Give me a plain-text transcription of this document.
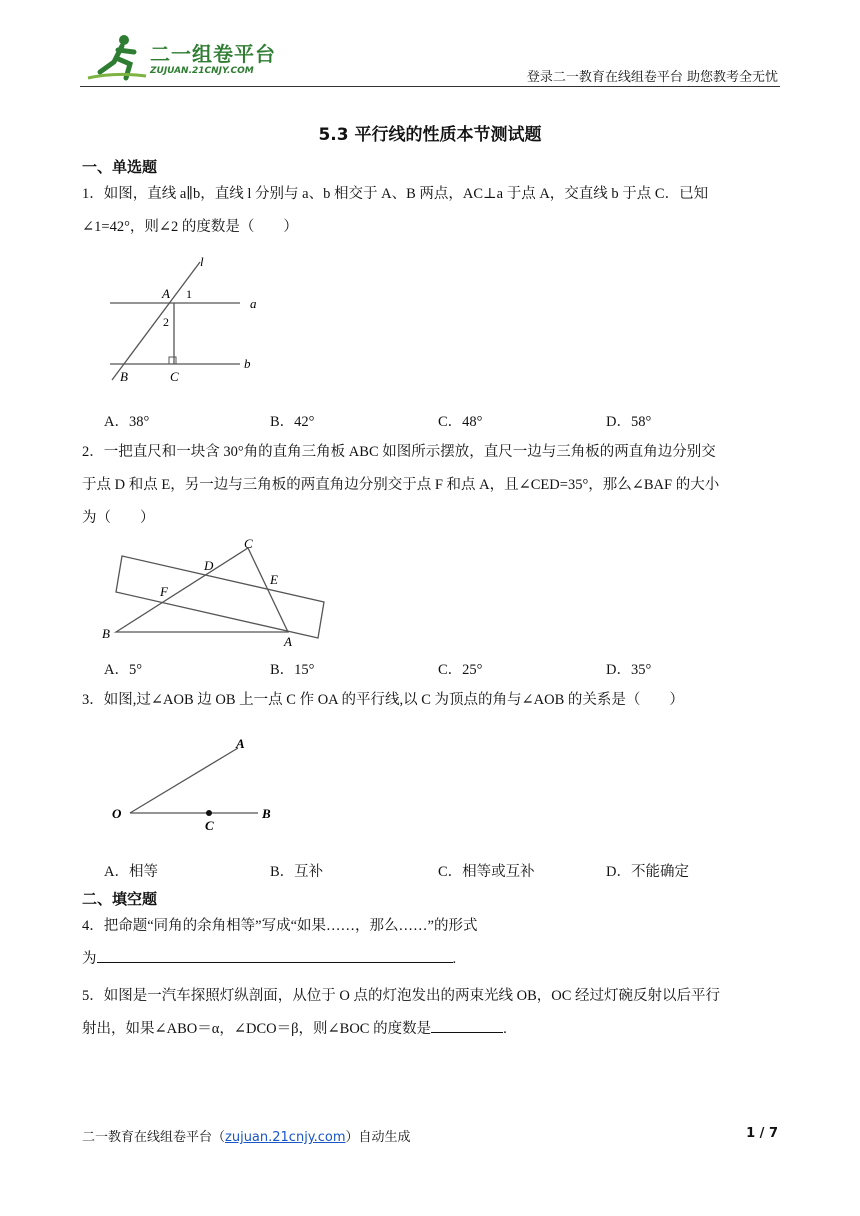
二一组卷平台
ZUJUAN.21CNJY.COM	登录二一教育在线组卷平台 助您教考全无忧
5.3 平行线的性质本节测试题
一、单选题
1．如图，直线 a∥b，直线 l 分别与 a、b 相交于 A、B 两点，AC⊥a 于点 A，交直线 b 于点 C．已知
∠1=42°，则∠2 的度数是（　　）
l
a
b
A
B	C
1
2
A．38°	B．42°	C．48°	D．58°
2．一把直尺和一块含 30°角的直角三角板 ABC 如图所示摆放，直尺一边与三角板的两直角边分别交
于点 D 和点 E，另一边与三角板的两直角边分别交于点 F 和点 A，且∠CED=35°，那么∠BAF 的大小
为（　　）
B
A
C
D
E
F
A．5°	B．15°	C．25°	D．35°
3．如图,过∠AOB 边 OB 上一点 C 作 OA 的平行线,以 C 为顶点的角与∠AOB 的关系是（　　）
O
A
B
C
A．相等	B．互补	C．相等或互补	D．不能确定
二、填空题
4．把命题“同角的余角相等”写成“如果……，那么……”的形式
为	.
5．如图是一汽车探照灯纵剖面，从位于 O 点的灯泡发出的两束光线 OB，OC 经过灯碗反射以后平行
射出，如果∠ABO＝α，∠DCO＝β，则∠BOC 的度数是	.
二一教育在线组卷平台（zujuan.21cnjy.com）自动生成	1 / 7
